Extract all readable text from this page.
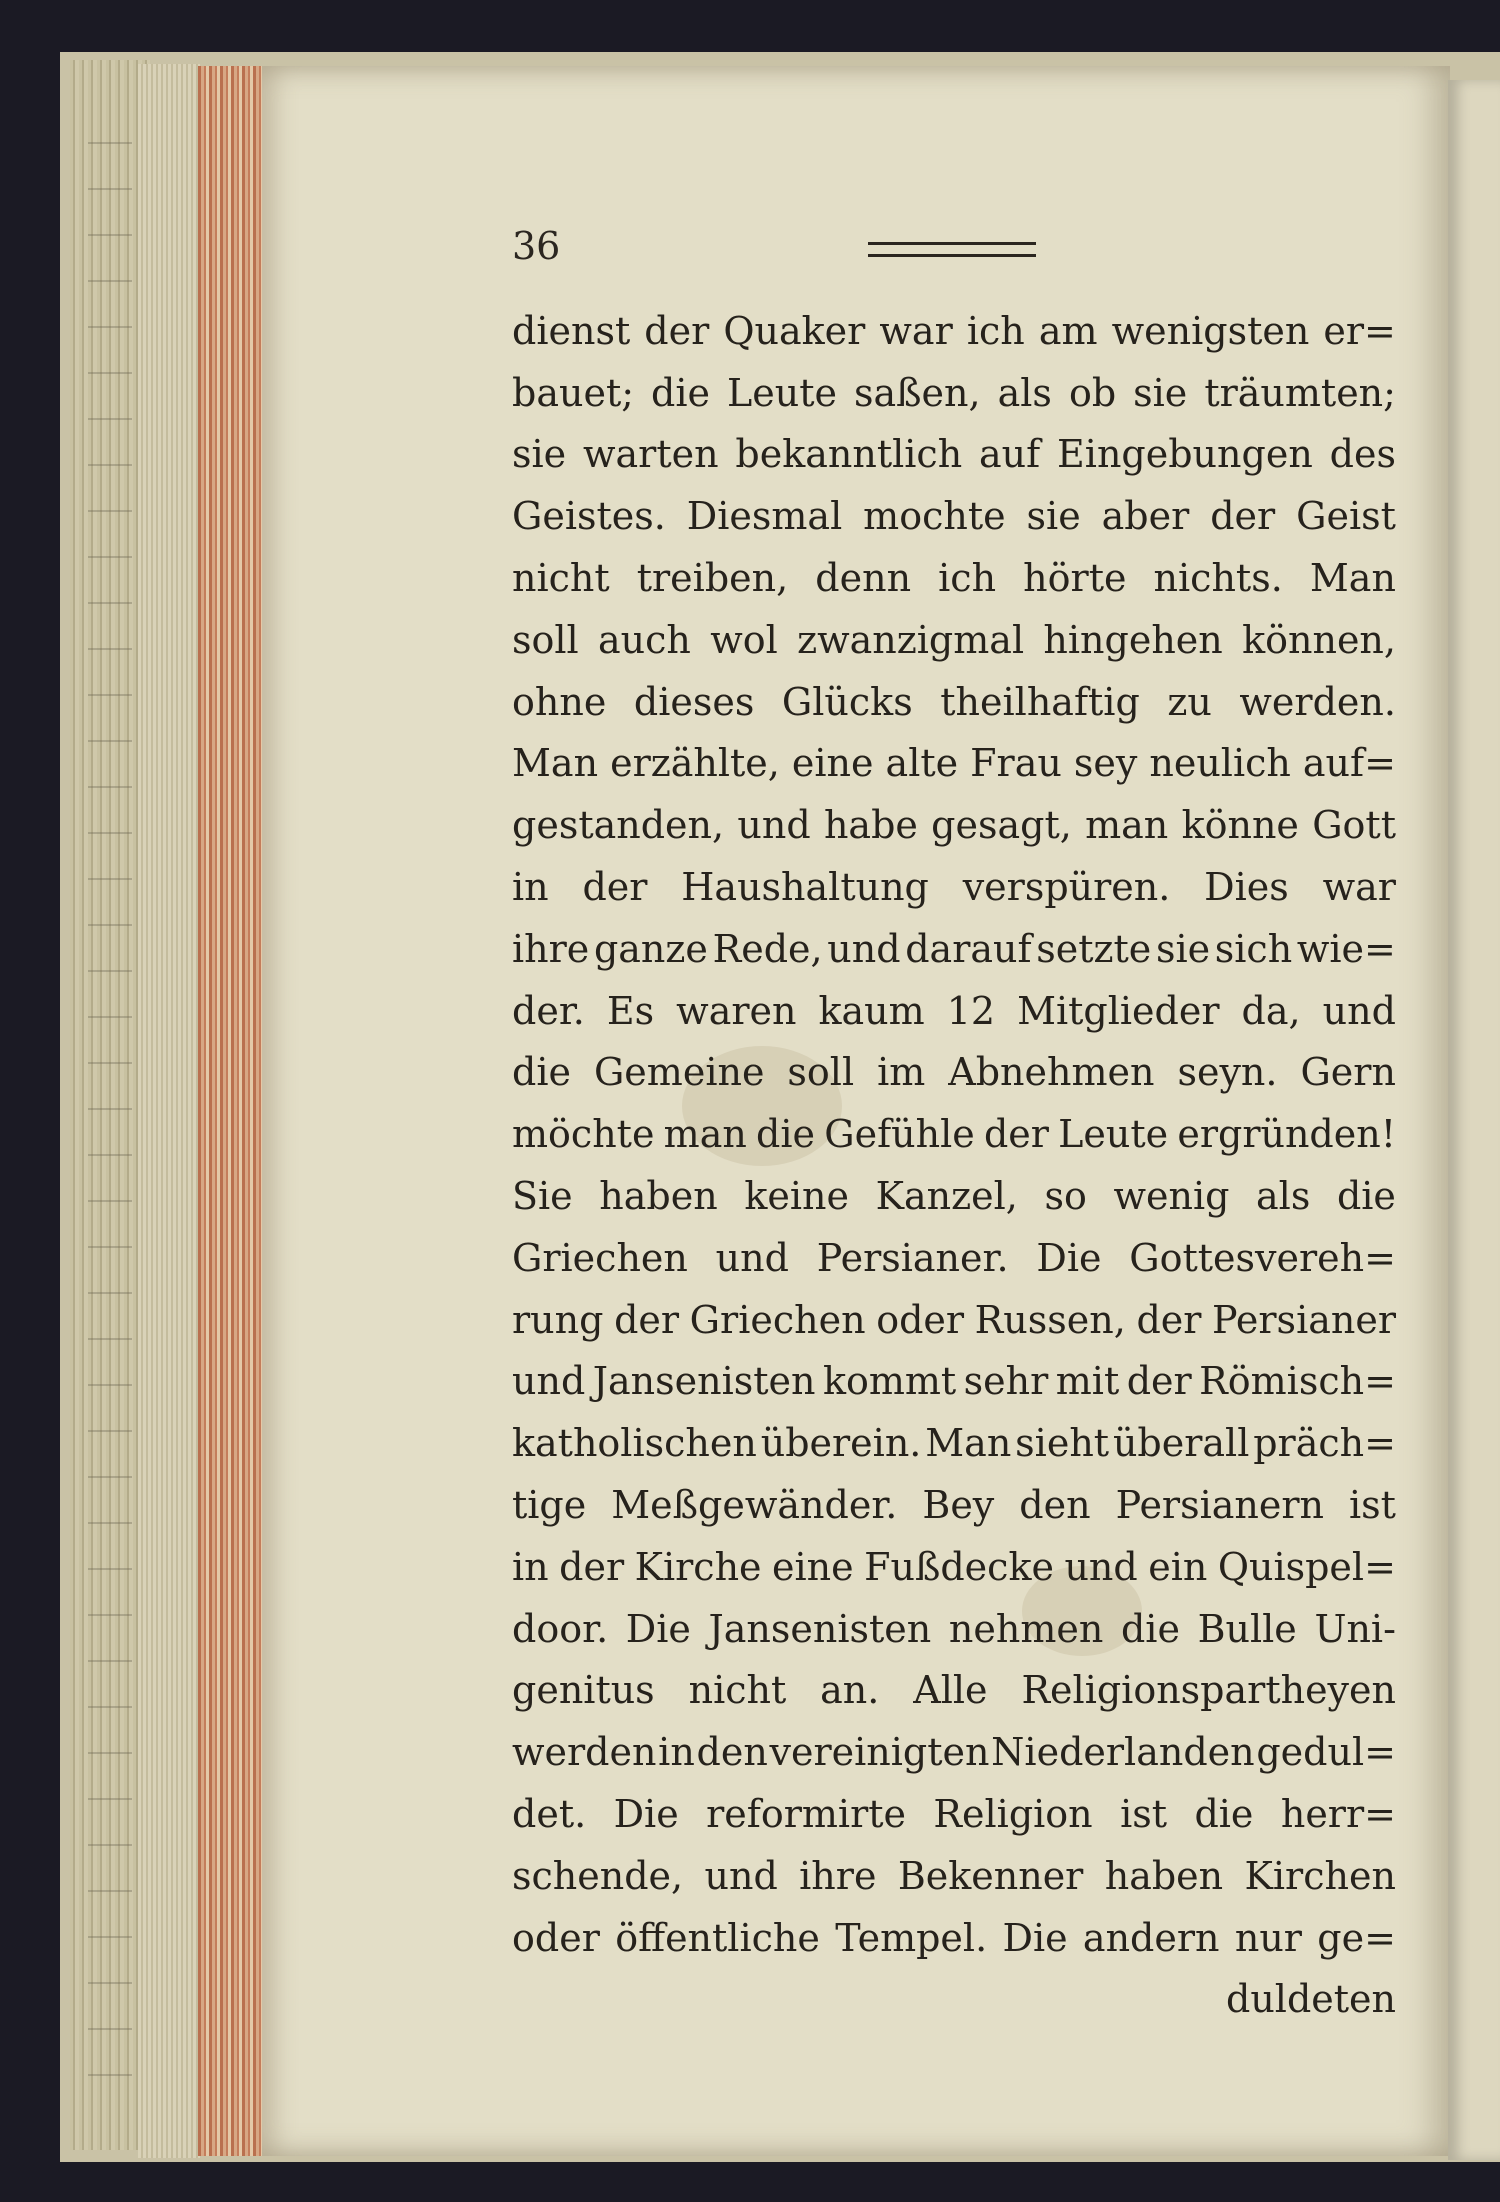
36
dienst der Quaker war ich am wenigsten er=
bauet; die Leute saßen, als ob sie träumten;
sie warten bekanntlich auf Eingebungen des
Geistes. Diesmal mochte sie aber der Geist
nicht treiben, denn ich hörte nichts. Man
soll auch wol zwanzigmal hingehen können,
ohne dieses Glücks theilhaftig zu werden.
Man erzählte, eine alte Frau sey neulich auf=
gestanden, und habe gesagt, man könne Gott
in der Haushaltung verspüren. Dies war
ihre ganze Rede, und darauf setzte sie sich wie=
der. Es waren kaum 12 Mitglieder da, und
die Gemeine soll im Abnehmen seyn. Gern
möchte man die Gefühle der Leute ergründen!
Sie haben keine Kanzel, so wenig als die
Griechen und Persianer. Die Gottesvereh=
rung der Griechen oder Russen, der Persianer
und Jansenisten kommt sehr mit der Römisch=
katholischen überein. Man sieht überall präch=
tige Meßgewänder. Bey den Persianern ist
in der Kirche eine Fußdecke und ein Quispel=
door. Die Jansenisten nehmen die Bulle Uni-
genitus nicht an. Alle Religionspartheyen
werden in den vereinigten Niederlanden gedul=
det. Die reformirte Religion ist die herr=
schende, und ihre Bekenner haben Kirchen
oder öffentliche Tempel. Die andern nur ge=
duldeten
